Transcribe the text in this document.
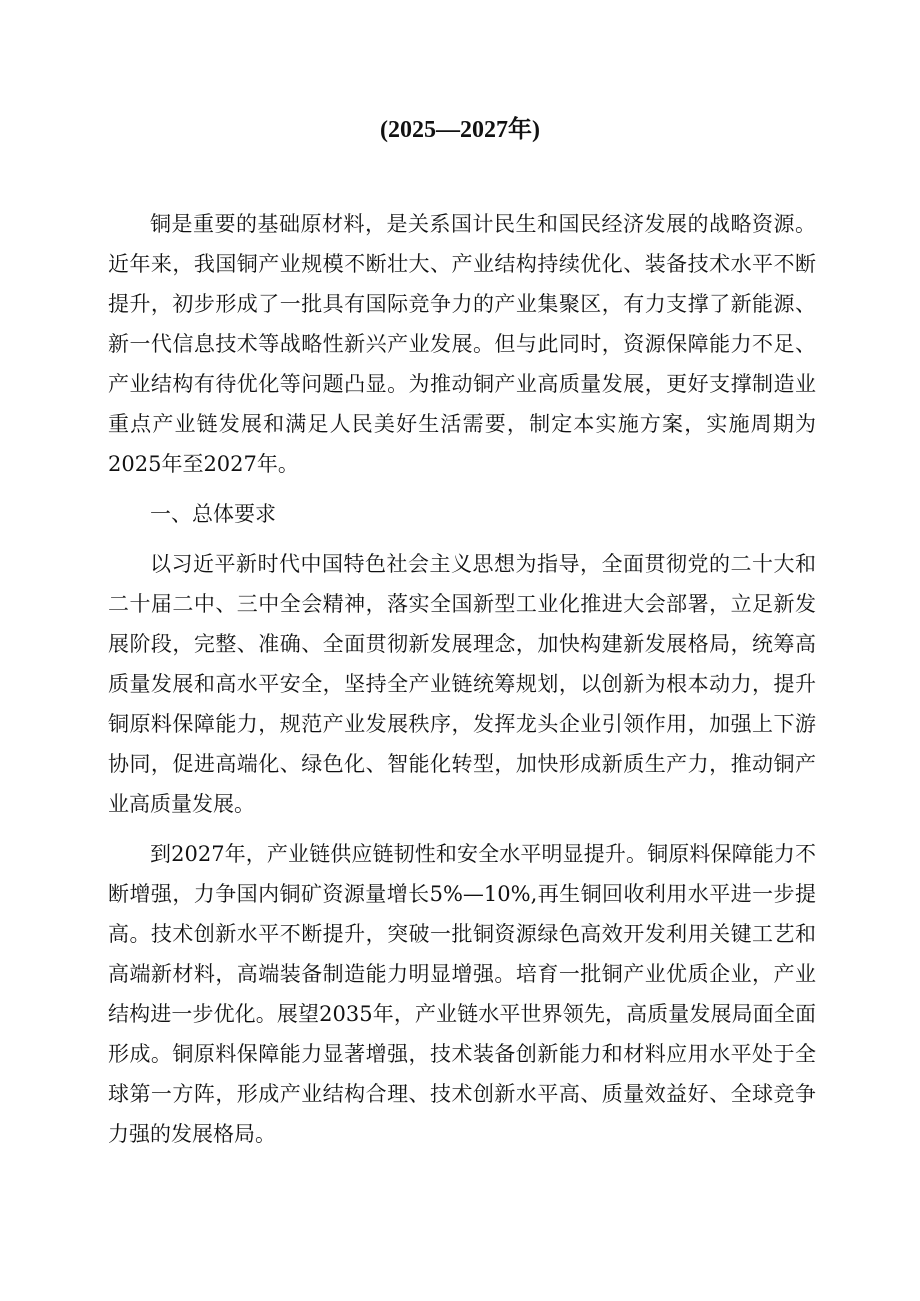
(2025—2027年)

铜是重要的基础原材料，是关系国计民生和国民经济发展的战略资源。近年来，我国铜产业规模不断壮大、产业结构持续优化、装备技术水平不断提升，初步形成了一批具有国际竞争力的产业集聚区，有力支撑了新能源、新一代信息技术等战略性新兴产业发展。但与此同时，资源保障能力不足、产业结构有待优化等问题凸显。为推动铜产业高质量发展，更好支撑制造业重点产业链发展和满足人民美好生活需要，制定本实施方案，实施周期为2025年至2027年。

一、总体要求

以习近平新时代中国特色社会主义思想为指导，全面贯彻党的二十大和二十届二中、三中全会精神，落实全国新型工业化推进大会部署，立足新发展阶段，完整、准确、全面贯彻新发展理念，加快构建新发展格局，统筹高质量发展和高水平安全，坚持全产业链统筹规划，以创新为根本动力，提升铜原料保障能力，规范产业发展秩序，发挥龙头企业引领作用，加强上下游协同，促进高端化、绿色化、智能化转型，加快形成新质生产力，推动铜产业高质量发展。

到2027年，产业链供应链韧性和安全水平明显提升。铜原料保障能力不断增强，力争国内铜矿资源量增长5%—10%,再生铜回收利用水平进一步提高。技术创新水平不断提升，突破一批铜资源绿色高效开发利用关键工艺和高端新材料，高端装备制造能力明显增强。培育一批铜产业优质企业，产业结构进一步优化。展望2035年，产业链水平世界领先，高质量发展局面全面形成。铜原料保障能力显著增强，技术装备创新能力和材料应用水平处于全球第一方阵，形成产业结构合理、技术创新水平高、质量效益好、全球竞争力强的发展格局。
